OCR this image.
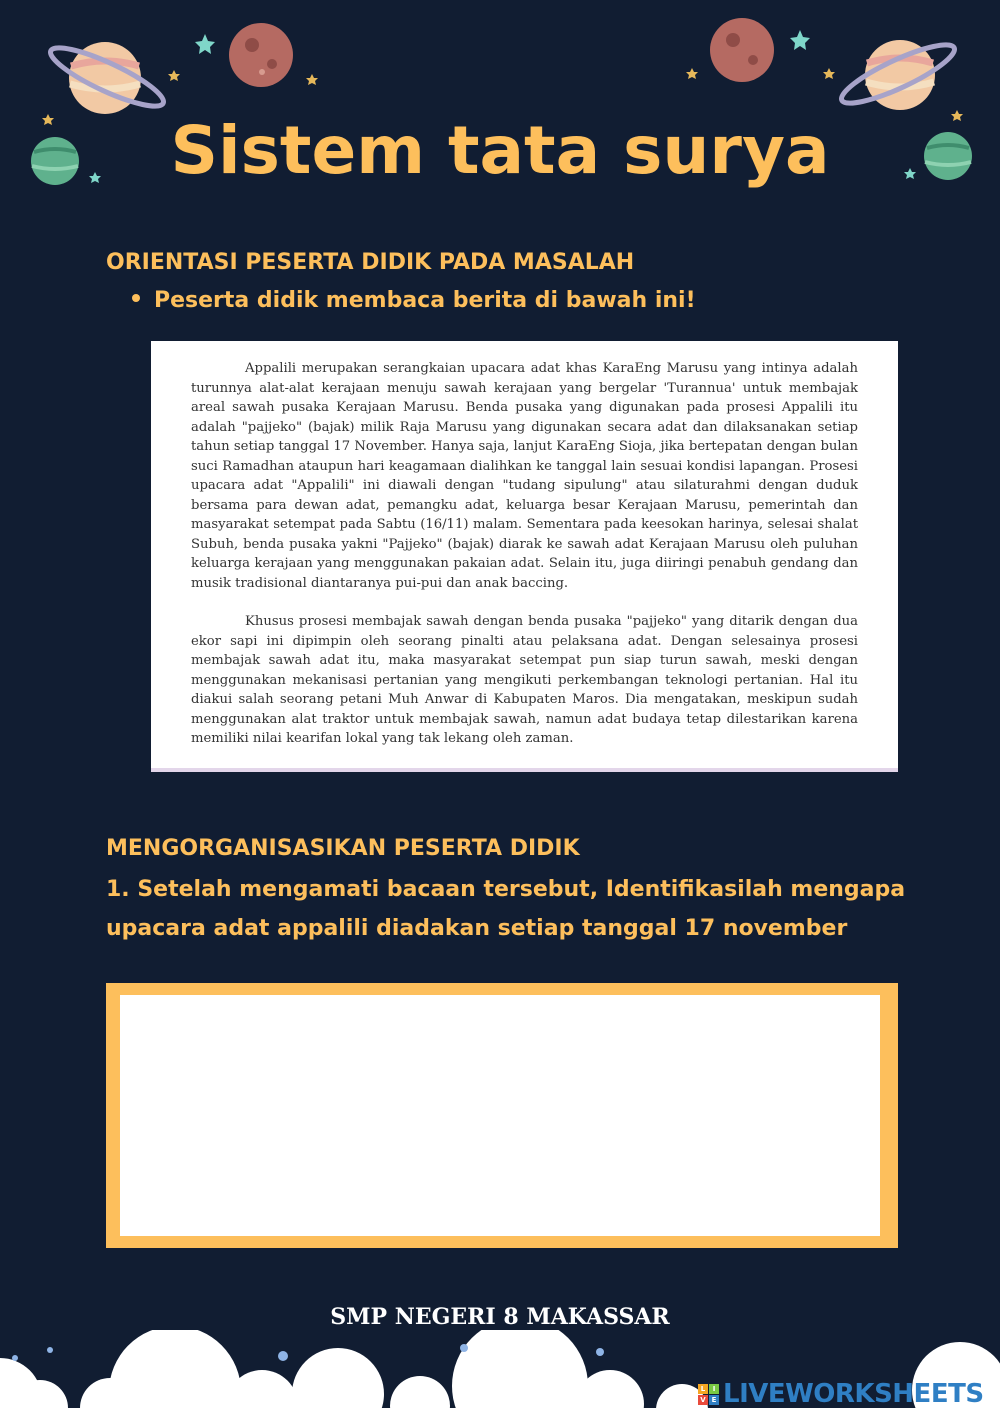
Sistem tata surya
ORIENTASI PESERTA DIDIK PADA MASALAH

Peserta didik membaca berita di bawah ini!

Appalili merupakan serangkaian upacara adat khas KaraEng Marusu yang intinya adalah turunnya alat-alat kerajaan menuju sawah kerajaan yang bergelar 'Turannua' untuk membajak areal sawah pusaka Kerajaan Marusu. Benda pusaka yang digunakan pada prosesi Appalili itu adalah "pajjeko" (bajak) milik Raja Marusu yang digunakan secara adat dan dilaksanakan setiap tahun setiap tanggal 17 November. Hanya saja, lanjut KaraEng Sioja, jika bertepatan dengan bulan suci Ramadhan ataupun hari keagamaan dialihkan ke tanggal lain sesuai kondisi lapangan. Prosesi upacara adat "Appalili" ini diawali dengan "tudang sipulung" atau silaturahmi dengan duduk bersama para dewan adat, pemangku adat, keluarga besar Kerajaan Marusu, pemerintah dan masyarakat setempat pada Sabtu (16/11) malam. Sementara pada keesokan harinya, selesai shalat Subuh, benda pusaka yakni "Pajjeko" (bajak) diarak ke sawah adat Kerajaan Marusu oleh puluhan keluarga kerajaan yang menggunakan pakaian adat. Selain itu, juga diiringi penabuh gendang dan musik tradisional diantaranya pui-pui dan anak baccing.

Khusus prosesi membajak sawah dengan benda pusaka "pajjeko" yang ditarik dengan dua ekor sapi ini dipimpin oleh seorang pinalti atau pelaksana adat. Dengan selesainya prosesi membajak sawah adat itu, maka masyarakat setempat pun siap turun sawah, meski dengan menggunakan mekanisasi pertanian yang mengikuti perkembangan teknologi pertanian. Hal itu diakui salah seorang petani Muh Anwar di Kabupaten Maros. Dia mengatakan, meskipun sudah menggunakan alat traktor untuk membajak sawah, namun adat budaya tetap dilestarikan karena memiliki nilai kearifan lokal yang tak lekang oleh zaman.

MENGORGANISASIKAN PESERTA DIDIK

1. Setelah mengamati bacaan tersebut, Identifikasilah mengapa upacara adat appalili diadakan setiap tanggal 17 november

SMP NEGERI 8 MAKASSAR

L	I
V E LIVEWORKSHEETS
